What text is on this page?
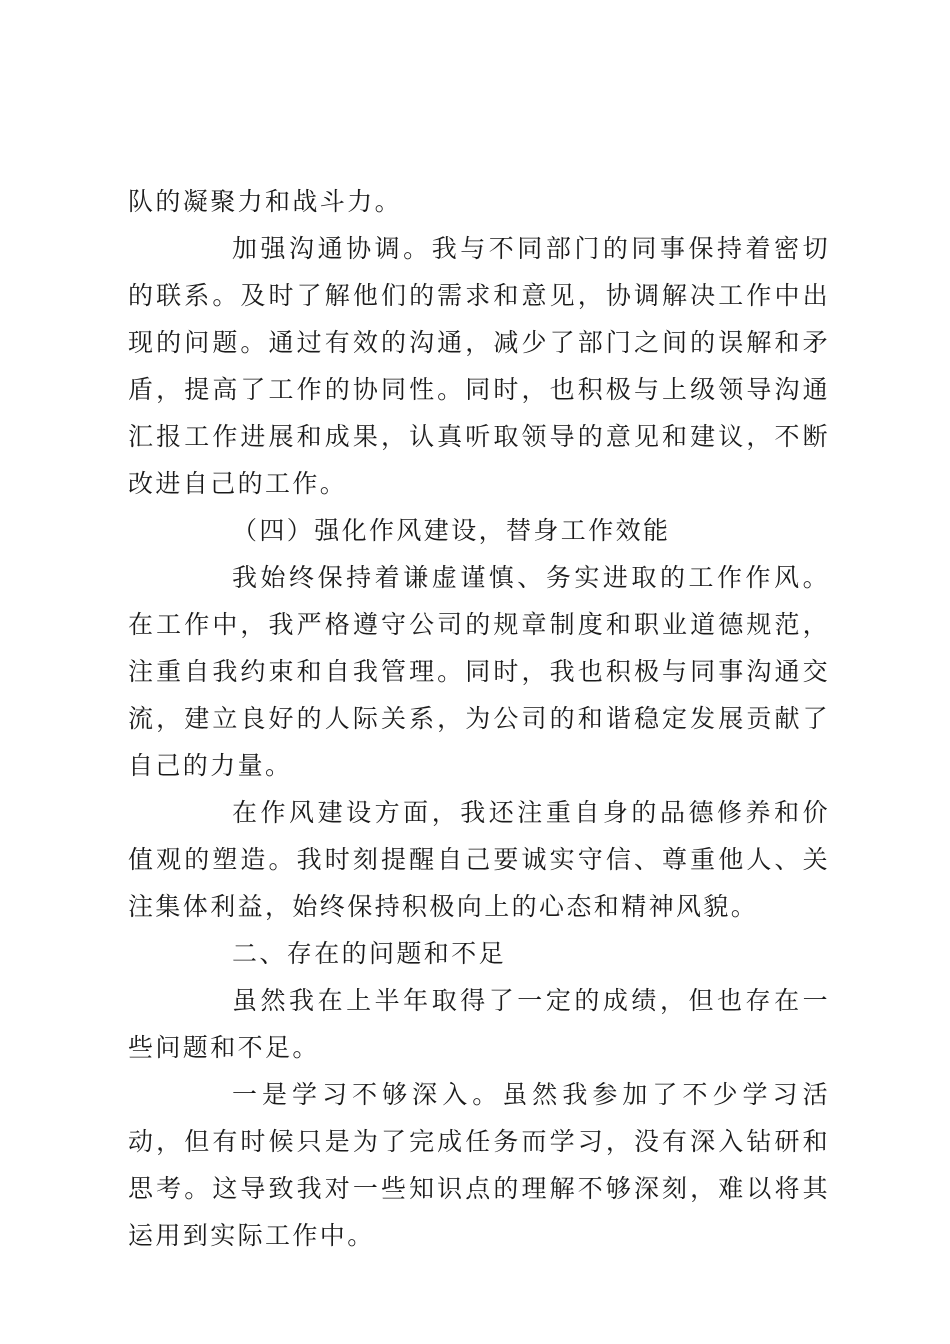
队的凝聚力和战斗力。

加强沟通协调。我与不同部门的同事保持着密切的联系。及时了解他们的需求和意见，协调解决工作中出现的问题。通过有效的沟通，减少了部门之间的误解和矛盾，提高了工作的协同性。同时，也积极与上级领导沟通汇报工作进展和成果，认真听取领导的意见和建议，不断改进自己的工作。

（四）强化作风建设，替身工作效能

我始终保持着谦虚谨慎、务实进取的工作作风。在工作中，我严格遵守公司的规章制度和职业道德规范，注重自我约束和自我管理。同时，我也积极与同事沟通交流，建立良好的人际关系，为公司的和谐稳定发展贡献了自己的力量。

在作风建设方面，我还注重自身的品德修养和价值观的塑造。我时刻提醒自己要诚实守信、尊重他人、关注集体利益，始终保持积极向上的心态和精神风貌。

二、存在的问题和不足

虽然我在上半年取得了一定的成绩，但也存在一些问题和不足。

一是学习不够深入。虽然我参加了不少学习活动，但有时候只是为了完成任务而学习，没有深入钻研和思考。这导致我对一些知识点的理解不够深刻，难以将其运用到实际工作中。
